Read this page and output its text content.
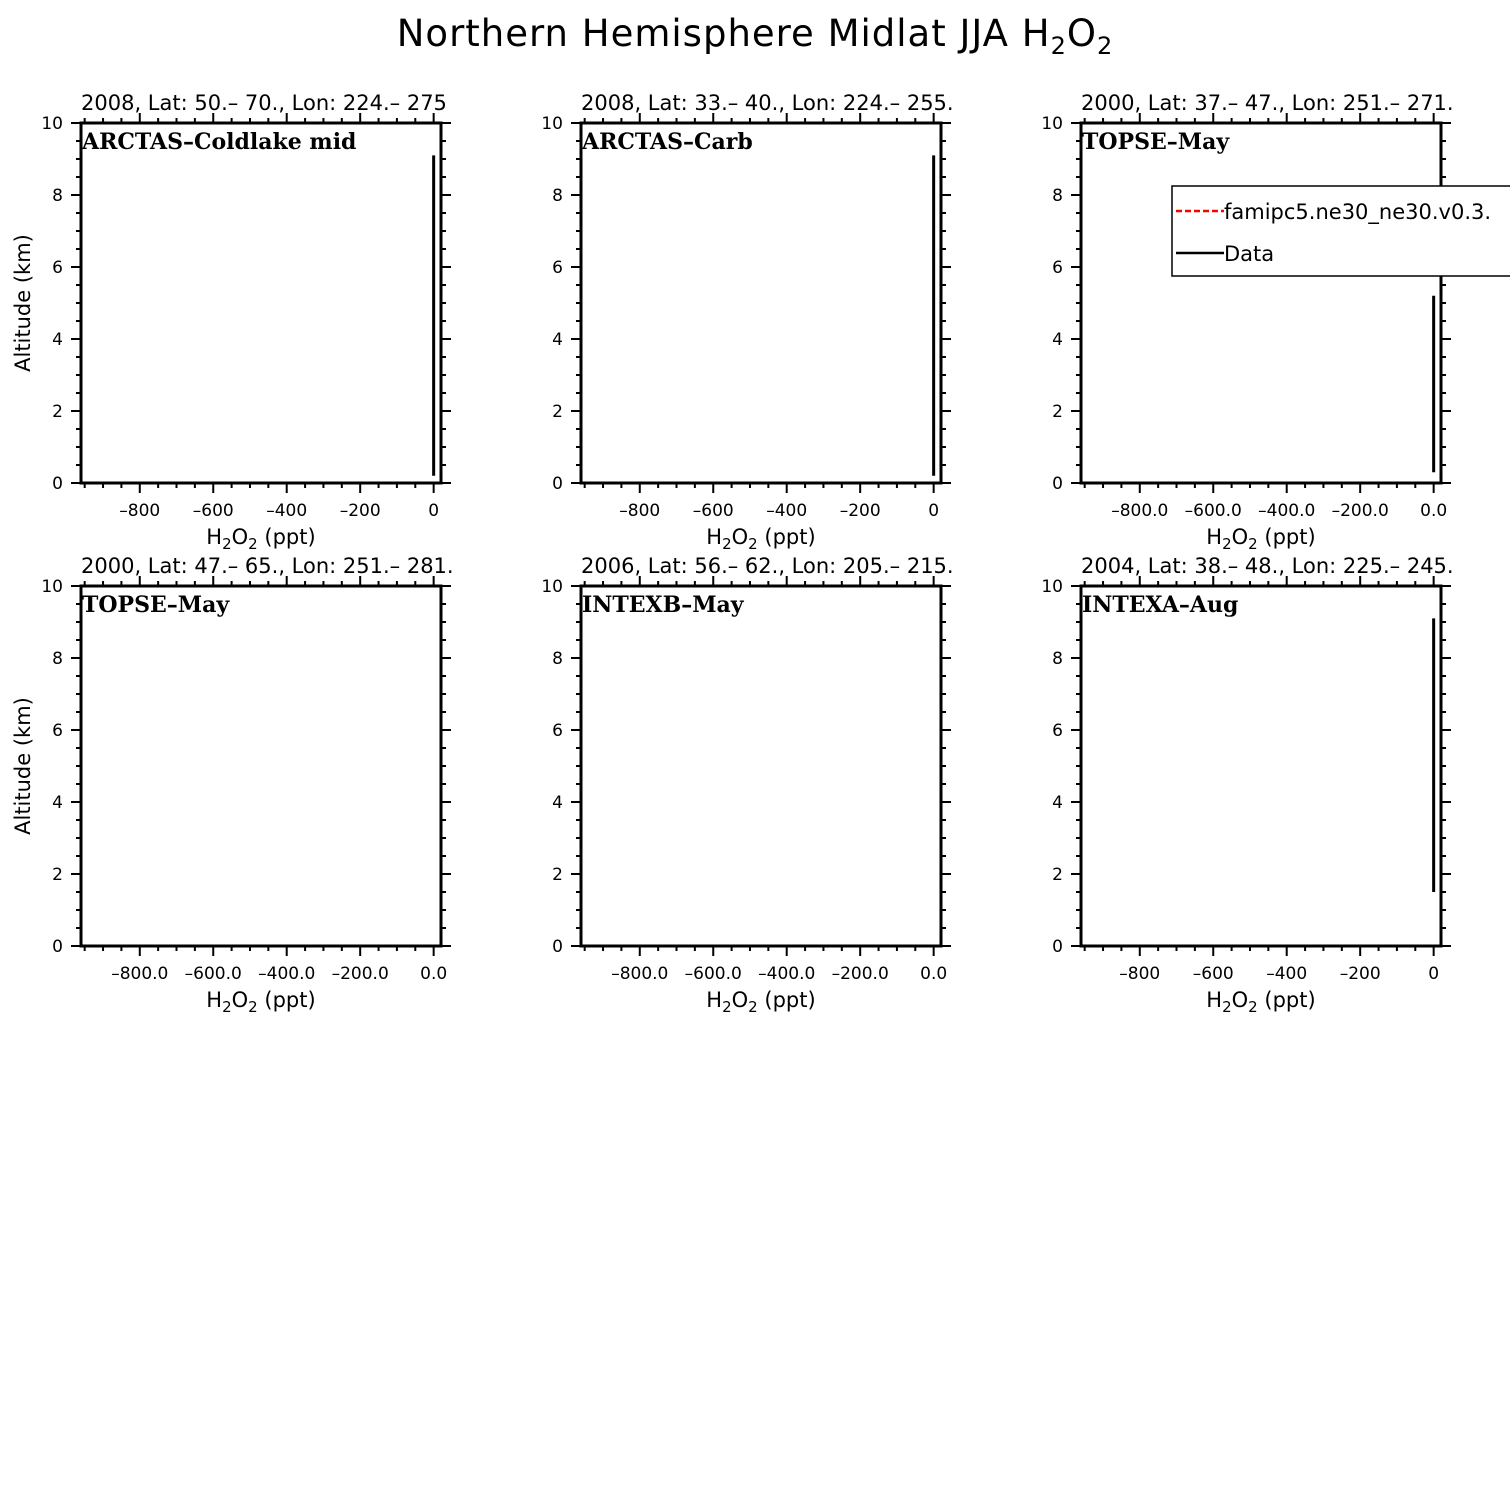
Northern Hemisphere Midlat JJA $H_2O_2$
2008, Lat: 50.– 70., Lon: 224.– 275
0
2
4
6
8
10
–800 –600 –400 –200	0
$H_2O_2$ (ppt)
Altitude (km)
ARCTAS–Coldlake mid
2008, Lat: 33.– 40., Lon: 224.– 255.
0
2
4
6
8
10
–800 –600 –400 –200	0
$H_2O_2$ (ppt)
ARCTAS–Carb
2000, Lat: 37.– 47., Lon: 251.– 271.
0
2
4
6
8
10
–800.0 –600.0 –400.0 –200.0 0.0
$H_2O_2$ (ppt)
TOPSE–May
famipc5.ne30_ne30.v0.3.
Data
2000, Lat: 47.– 65., Lon: 251.– 281.
0
2
4
6
8
10
–800.0 –600.0 –400.0 –200.0 0.0
$H_2O_2$ (ppt)
Altitude (km)
TOPSE–May
2006, Lat: 56.– 62., Lon: 205.– 215.
0
2
4
6
8
10
–800.0 –600.0 –400.0 –200.0 0.0
$H_2O_2$ (ppt)
INTEXB–May
2004, Lat: 38.– 48., Lon: 225.– 245.
0
2
4
6
8
10
–800 –600 –400 –200	0
$H_2O_2$ (ppt)
INTEXA–Aug
